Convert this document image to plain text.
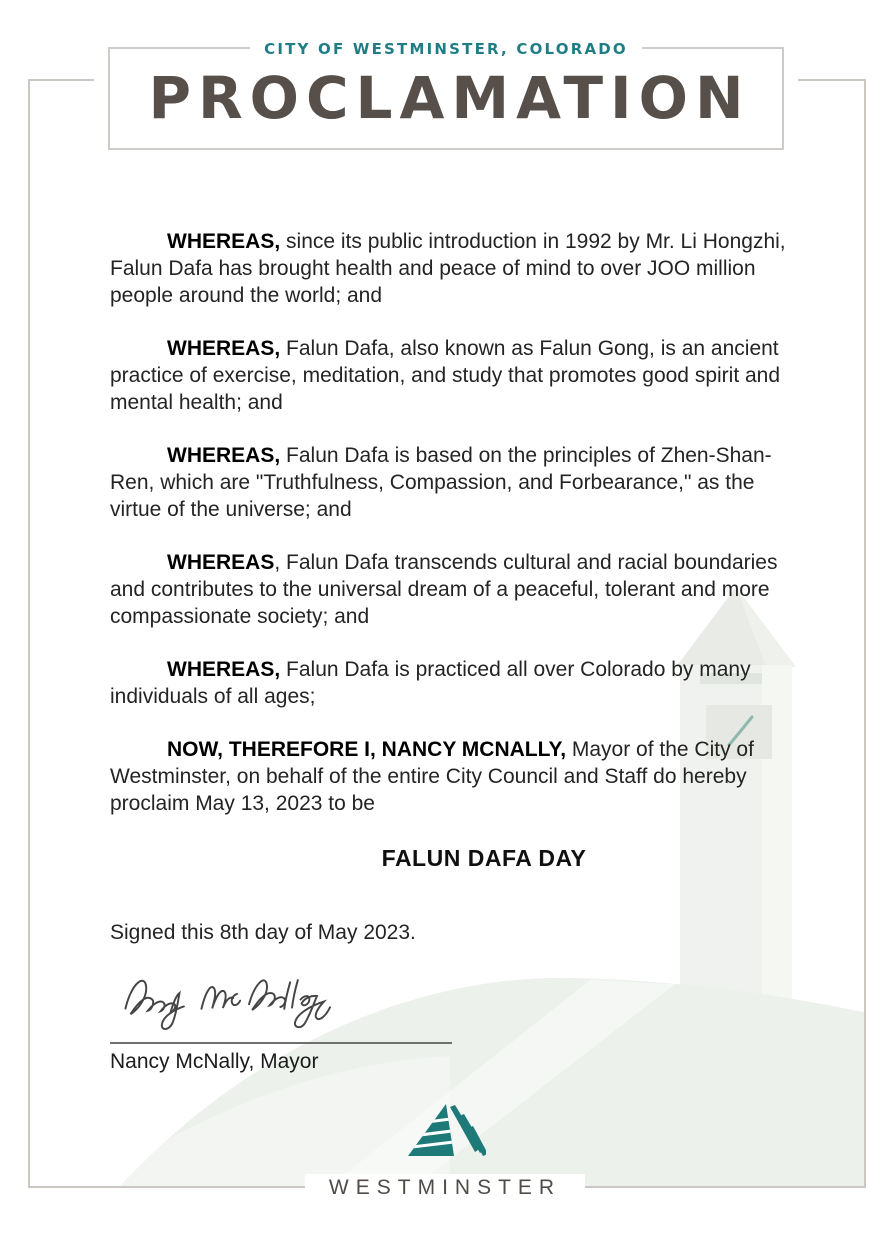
CITY OF WESTMINSTER, COLORADO
PROCLAMATION

WHEREAS, since its public introduction in 1992 by Mr. Li Hongzhi, Falun Dafa has brought health and peace of mind to over JOO million people around the world; and

WHEREAS, Falun Dafa, also known as Falun Gong, is an ancient practice of exercise, meditation, and study that promotes good spirit and mental health; and

WHEREAS, Falun Dafa is based on the principles of Zhen-Shan-Ren, which are "Truthfulness, Compassion, and Forbearance," as the virtue of the universe; and

WHEREAS, Falun Dafa transcends cultural and racial boundaries and contributes to the universal dream of a peaceful, tolerant and more compassionate society; and

WHEREAS, Falun Dafa is practiced all over Colorado by many individuals of all ages;

NOW, THEREFORE I, NANCY MCNALLY, Mayor of the City of Westminster, on behalf of the entire City Council and Staff do hereby proclaim May 13, 2023 to be

FALUN DAFA DAY

Signed this 8th day of May 2023.

Nancy McNally, Mayor
WESTMINSTER
